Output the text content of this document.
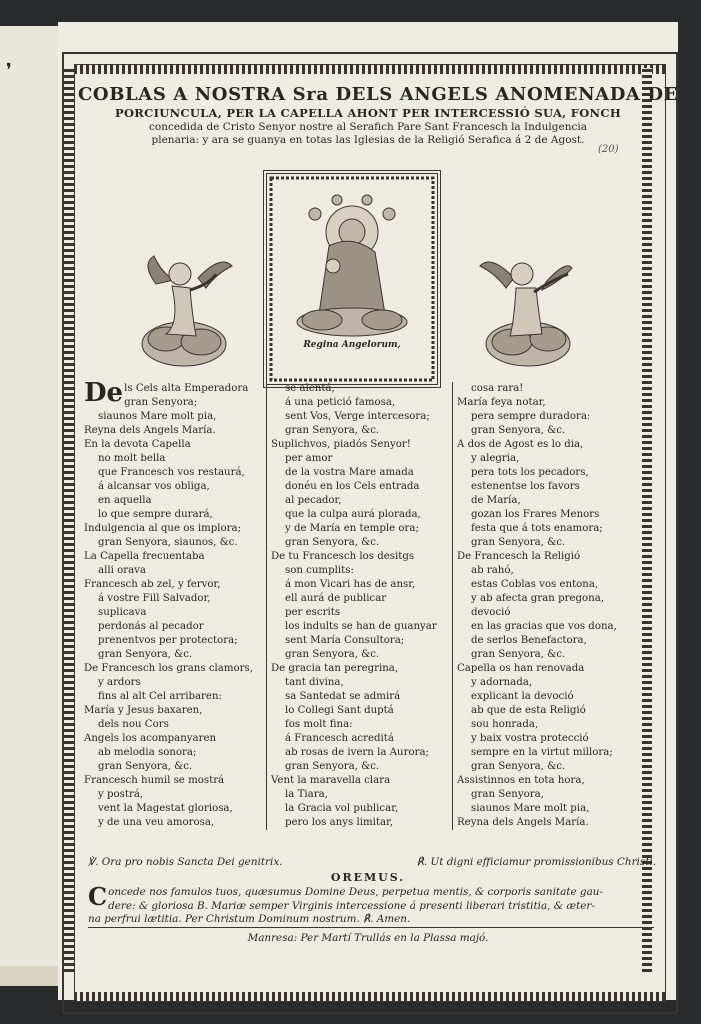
❜
COBLAS A NOSTRA Sra DELS ANGELS ANOMENADA DE
PORCIUNCULA, PER LA CAPELLA AHONT PER INTERCESSIÓ SUA, FONCH
concedida de Cristo Senyor nostre al Serafich Pare Sant Francesch la Indulgencia
plenaria: y ara se guanya en totas las Iglesias de la Religió Serafica á 2 de Agost.
(20)
Regina Angelorum,
De ls Cels alta Emperadora
gran Senyora;
siaunos Mare molt pia,
Reyna dels Angels María.
En la devota Capella
no molt bella
que Francesch vos restaurá,
á alcansar vos obliga,
en aquella
lo que sempre durará,
Indulgencia al que os implora;
gran Senyora, siaunos, &c.
La Capella frecuentaba
alli orava
Francesch ab zel, y fervor,
á vostre Fill Salvador,
suplicava
perdonás al pecador
prenentvos per protectora;
gran Senyora, &c.
De Francesch los grans clamors,
y ardors
fins al alt Cel arribaren:
María y Jesus baxaren,
dels nou Cors
Angels los acompanyaren
ab melodia sonora;
gran Senyora, &c.
Francesch humil se mostrá
y postrá,
vent la Magestat gloriosa,
y de una veu amorosa,
se alentá,
á una petició famosa,
sent Vos, Verge intercesora;
gran Senyora, &c.
Suplichvos, piadós Senyor!
per amor
de la vostra Mare amada
donéu en los Cels entrada
al pecador,
que la culpa aurá plorada,
y de María en temple ora;
gran Senyora, &c.
De tu Francesch los desitgs
son cumplits:
á mon Vicari has de ansr,
ell aurá de publicar
per escrits
los indults se han de guanyar
sent María Consultora;
gran Senyora, &c.
De gracia tan peregrina,
tant divina,
sa Santedat se admirá
lo Collegi Sant duptá
fos molt fina:
á Francesch acreditá
ab rosas de ivern la Aurora;
gran Senyora, &c.
Vent la maravella clara
la Tiara,
la Gracia vol publicar,
pero los anys limitar,
cosa rara!
María feya notar,
pera sempre duradora:
gran Senyora, &c.
A dos de Agost es lo dia,
y alegria,
pera tots los pecadors,
estenentse los favors
de María,
gozan los Frares Menors
festa que á tots enamora;
gran Senyora, &c.
De Francesch la Religió
ab rahó,
estas Coblas vos entona,
y ab afecta gran pregona,
devoció
en las gracias que vos dona,
de serlos Benefactora,
gran Senyora, &c.
Capella os han renovada
y adornada,
explicant la devoció
ab que de esta Religió
sou honrada,
y baix vostra protecció
sempre en la virtut millora;
gran Senyora, &c.
Assistinnos en tota hora,
gran Senyora,
siaunos Mare molt pia,
Reyna dels Angels María.
℣. Ora pro nobis Sancta Dei genitrix.	℟. Ut digni efficiamur promissionibus Christi.
OREMUS.
C oncede nos famulos tuos, quæsumus Domine Deus, perpetua mentis, & corporis sanitate gau-
dere: & gloriosa B. Mariæ semper Virginis intercessione á presenti liberari tristitia, & æter-
na perfrui lætitia. Per Christum Dominum nostrum. ℟. Amen.
Manresa: Per Martí Trullás en la Plassa majó.
